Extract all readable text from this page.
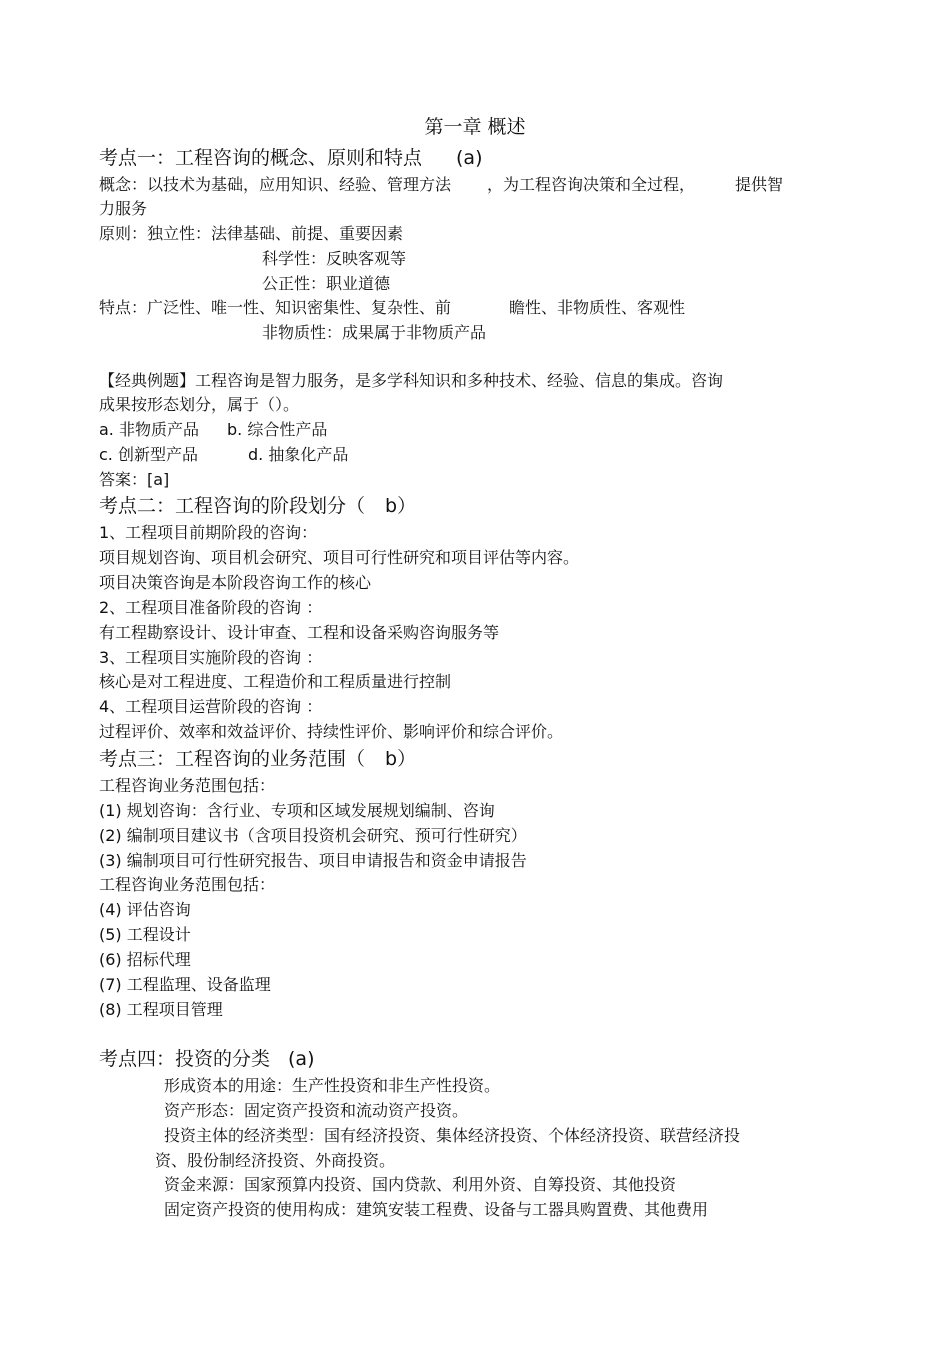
第一章 概述
考点一：工程咨询的概念、原则和特点 (a)
概念：以技术为基础，应用知识、经验、管理方法 ，为工程咨询决策和全过程，	提供智
力服务
原则：独立性：法律基础、前提、重要因素
科学性：反映客观等
公正性：职业道德
特点：广泛性、唯一性、知识密集性、复杂性、前	瞻性、非物质性、客观性
非物质性：成果属于非物质产品
【经典例题】工程咨询是智力服务，是多学科知识和多种技术、经验、信息的集成。咨询
成果按形态划分，属于（）。
a. 非物质产品 b. 综合性产品
c. 创新型产品	d. 抽象化产品
答案：[a]
考点二：工程咨询的阶段划分（ b）
1、工程项目前期阶段的咨询：
项目规划咨询、项目机会研究、项目可行性研究和项目评估等内容。
项目决策咨询是本阶段咨询工作的核心
2、工程项目准备阶段的咨询 ：
有工程勘察设计、设计审查、工程和设备采购咨询服务等
3、工程项目实施阶段的咨询 ：
核心是对工程进度、工程造价和工程质量进行控制
4、工程项目运营阶段的咨询 ：
过程评价、效率和效益评价、持续性评价、影响评价和综合评价。
考点三：工程咨询的业务范围（ b）
工程咨询业务范围包括：
(1) 规划咨询：含行业、专项和区域发展规划编制、咨询
(2) 编制项目建议书（含项目投资机会研究、预可行性研究）
(3) 编制项目可行性研究报告、项目申请报告和资金申请报告
工程咨询业务范围包括：
(4) 评估咨询
(5) 工程设计
(6) 招标代理
(7) 工程监理、设备监理
(8) 工程项目管理
考点四：投资的分类 (a)
形成资本的用途：生产性投资和非生产性投资。
资产形态：固定资产投资和流动资产投资。
投资主体的经济类型：国有经济投资、集体经济投资、个体经济投资、联营经济投
资、股份制经济投资、外商投资。
资金来源：国家预算内投资、国内贷款、利用外资、自筹投资、其他投资
固定资产投资的使用构成：建筑安装工程费、设备与工器具购置费、其他费用
